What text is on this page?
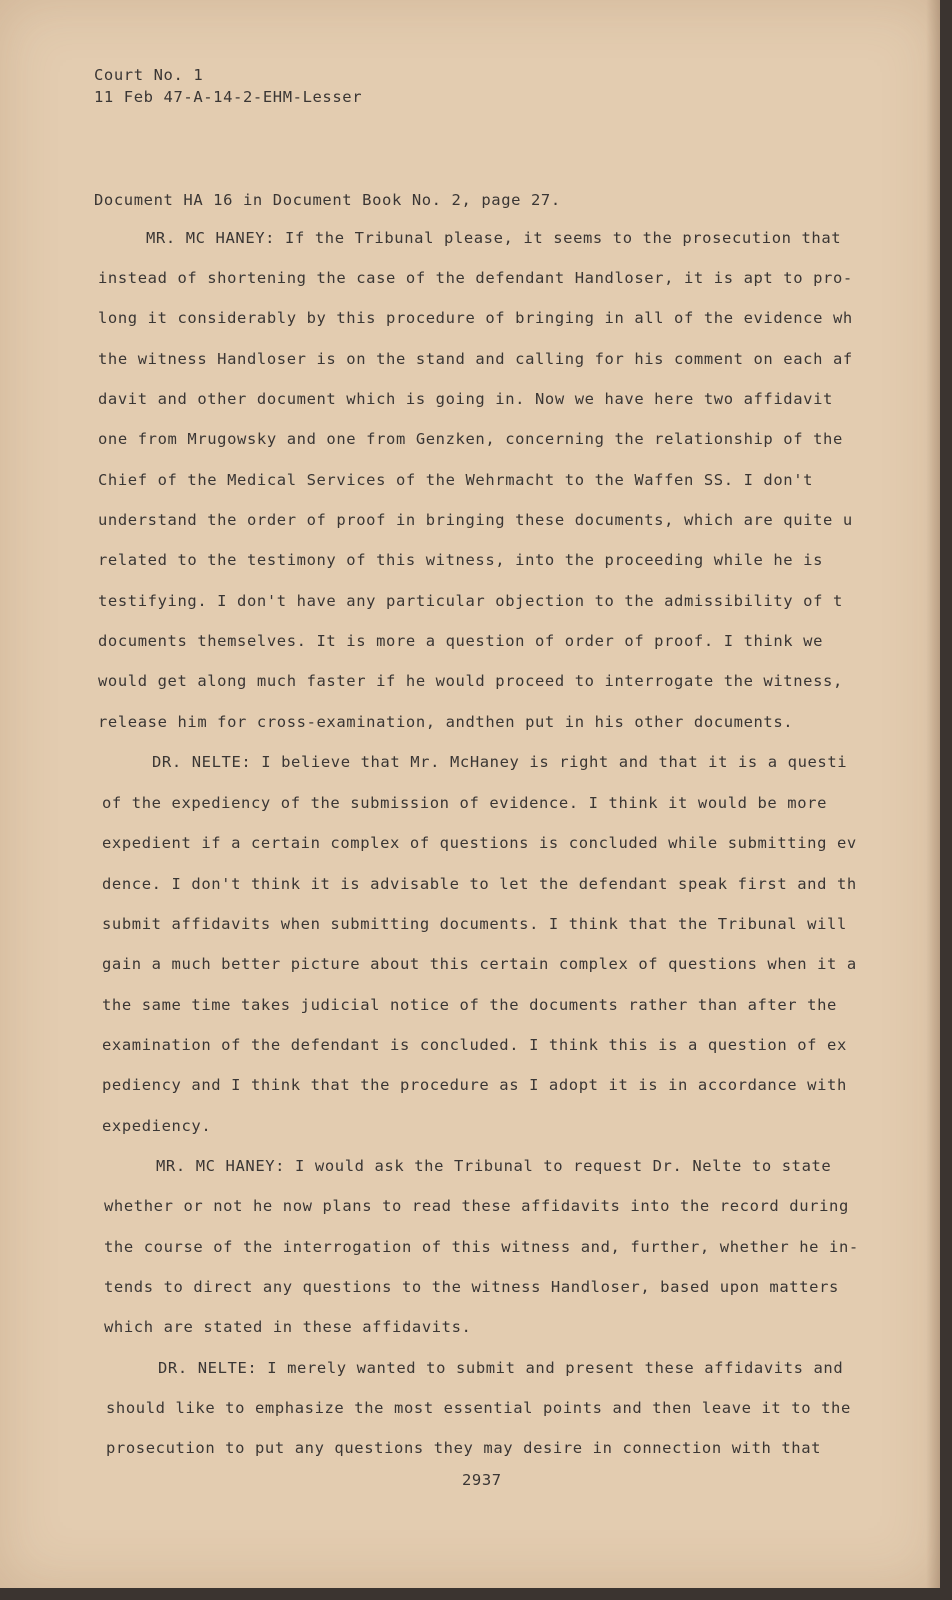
Court No. 1
11 Feb 47-A-14-2-EHM-Lesser
Document HA 16 in Document Book No. 2, page 27.
MR. MC HANEY: If the Tribunal please, it seems to the prosecution that
instead of shortening the case of the defendant Handloser, it is apt to pro-
long it considerably by this procedure of bringing in all of the evidence wh
the witness Handloser is on the stand and calling for his comment on each af
davit and other document which is going in. Now we have here two affidavit
one from Mrugowsky and one from Genzken, concerning the relationship of the
Chief of the Medical Services of the Wehrmacht to the Waffen SS. I don't
understand the order of proof in bringing these documents, which are quite u
related to the testimony of this witness, into the proceeding while he is
testifying. I don't have any particular objection to the admissibility of t
documents themselves. It is more a question of order of proof. I think we
would get along much faster if he would proceed to interrogate the witness,
release him for cross-examination, andthen put in his other documents.
DR. NELTE: I believe that Mr. McHaney is right and that it is a questi
of the expediency of the submission of evidence. I think it would be more
expedient if a certain complex of questions is concluded while submitting ev
dence. I don't think it is advisable to let the defendant speak first and th
submit affidavits when submitting documents. I think that the Tribunal will
gain a much better picture about this certain complex of questions when it a
the same time takes judicial notice of the documents rather than after the
examination of the defendant is concluded. I think this is a question of ex
pediency and I think that the procedure as I adopt it is in accordance with
expediency.
MR. MC HANEY: I would ask the Tribunal to request Dr. Nelte to state
whether or not he now plans to read these affidavits into the record during
the course of the interrogation of this witness and, further, whether he in-
tends to direct any questions to the witness Handloser, based upon matters
which are stated in these affidavits.
DR. NELTE: I merely wanted to submit and present these affidavits and
should like to emphasize the most essential points and then leave it to the
prosecution to put any questions they may desire in connection with that
2937
